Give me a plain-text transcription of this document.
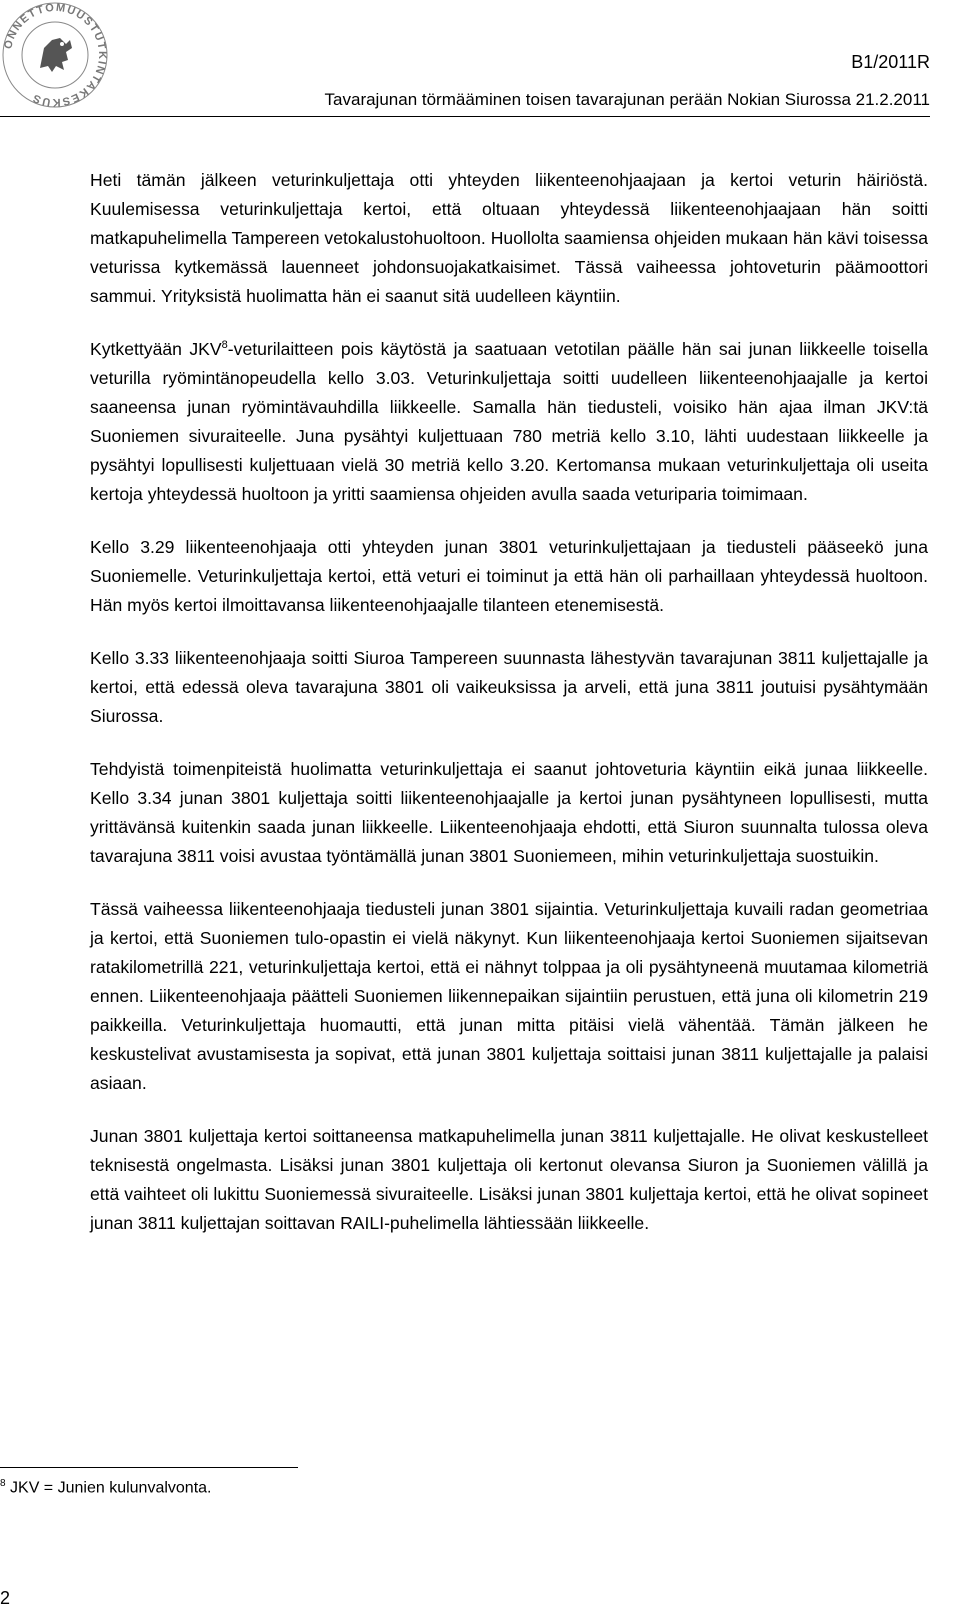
ONNETTOMUUSTUTKINTAKESKUS
B1/2011R
Tavarajunan törmääminen toisen tavarajunan perään Nokian Siurossa 21.2.2011

Heti tämän jälkeen veturinkuljettaja otti yhteyden liikenteenohjaajaan ja kertoi veturin häiriöstä. Kuulemisessa veturinkuljettaja kertoi, että oltuaan yhteydessä liikenteenohjaajaan hän soitti matkapuhelimella Tampereen vetokalustohuoltoon. Huollolta saamiensa ohjeiden mukaan hän kävi toisessa veturissa kytkemässä lauenneet johdonsuojakatkaisimet. Tässä vaiheessa johtoveturin päämoottori sammui. Yrityksistä huolimatta hän ei saanut sitä uudelleen käyntiin.

Kytkettyään JKV$^8$-veturilaitteen pois käytöstä ja saatuaan vetotilan päälle hän sai junan liikkeelle toisella veturilla ryömintänopeudella kello 3.03. Veturinkuljettaja soitti uudelleen liikenteenohjaajalle ja kertoi saaneensa junan ryömintävauhdilla liikkeelle. Samalla hän tiedusteli, voisiko hän ajaa ilman JKV:tä Suoniemen sivuraiteelle. Juna pysähtyi kuljettuaan 780 metriä kello 3.10, lähti uudestaan liikkeelle ja pysähtyi lopullisesti kuljettuaan vielä 30 metriä kello 3.20. Kertomansa mukaan veturinkuljettaja oli useita kertoja yhteydessä huoltoon ja yritti saamiensa ohjeiden avulla saada veturiparia toimimaan.

Kello 3.29 liikenteenohjaaja otti yhteyden junan 3801 veturinkuljettajaan ja tiedusteli pääseekö juna Suoniemelle. Veturinkuljettaja kertoi, että veturi ei toiminut ja että hän oli parhaillaan yhteydessä huoltoon. Hän myös kertoi ilmoittavansa liikenteenohjaajalle tilanteen etenemisestä.

Kello 3.33 liikenteenohjaaja soitti Siuroa Tampereen suunnasta lähestyvän tavarajunan 3811 kuljettajalle ja kertoi, että edessä oleva tavarajuna 3801 oli vaikeuksissa ja arveli, että juna 3811 joutuisi pysähtymään Siurossa.

Tehdyistä toimenpiteistä huolimatta veturinkuljettaja ei saanut johtoveturia käyntiin eikä junaa liikkeelle. Kello 3.34 junan 3801 kuljettaja soitti liikenteenohjaajalle ja kertoi junan pysähtyneen lopullisesti, mutta yrittävänsä kuitenkin saada junan liikkeelle. Liikenteenohjaaja ehdotti, että Siuron suunnalta tulossa oleva tavarajuna 3811 voisi avustaa työntämällä junan 3801 Suoniemeen, mihin veturinkuljettaja suostuikin.

Tässä vaiheessa liikenteenohjaaja tiedusteli junan 3801 sijaintia. Veturinkuljettaja kuvaili radan geometriaa ja kertoi, että Suoniemen tulo-opastin ei vielä näkynyt. Kun liikenteenohjaaja kertoi Suoniemen sijaitsevan ratakilometrillä 221, veturinkuljettaja kertoi, että ei nähnyt tolppaa ja oli pysähtyneenä muutamaa kilometriä ennen. Liikenteenohjaaja päätteli Suoniemen liikennepaikan sijaintiin perustuen, että juna oli kilometrin 219 paikkeilla. Veturinkuljettaja huomautti, että junan mitta pitäisi vielä vähentää. Tämän jälkeen he keskustelivat avustamisesta ja sopivat, että junan 3801 kuljettaja soittaisi junan 3811 kuljettajalle ja palaisi asiaan.

Junan 3801 kuljettaja kertoi soittaneensa matkapuhelimella junan 3811 kuljettajalle. He olivat keskustelleet teknisestä ongelmasta. Lisäksi junan 3801 kuljettaja oli kertonut olevansa Siuron ja Suoniemen välillä ja että vaihteet oli lukittu Suoniemessä sivuraiteelle. Lisäksi junan 3801 kuljettaja kertoi, että he olivat sopineet junan 3811 kuljettajan soittavan RAILI-puhelimella lähtiessään liikkeelle.

$^8$ JKV = Junien kulunvalvonta.
2
